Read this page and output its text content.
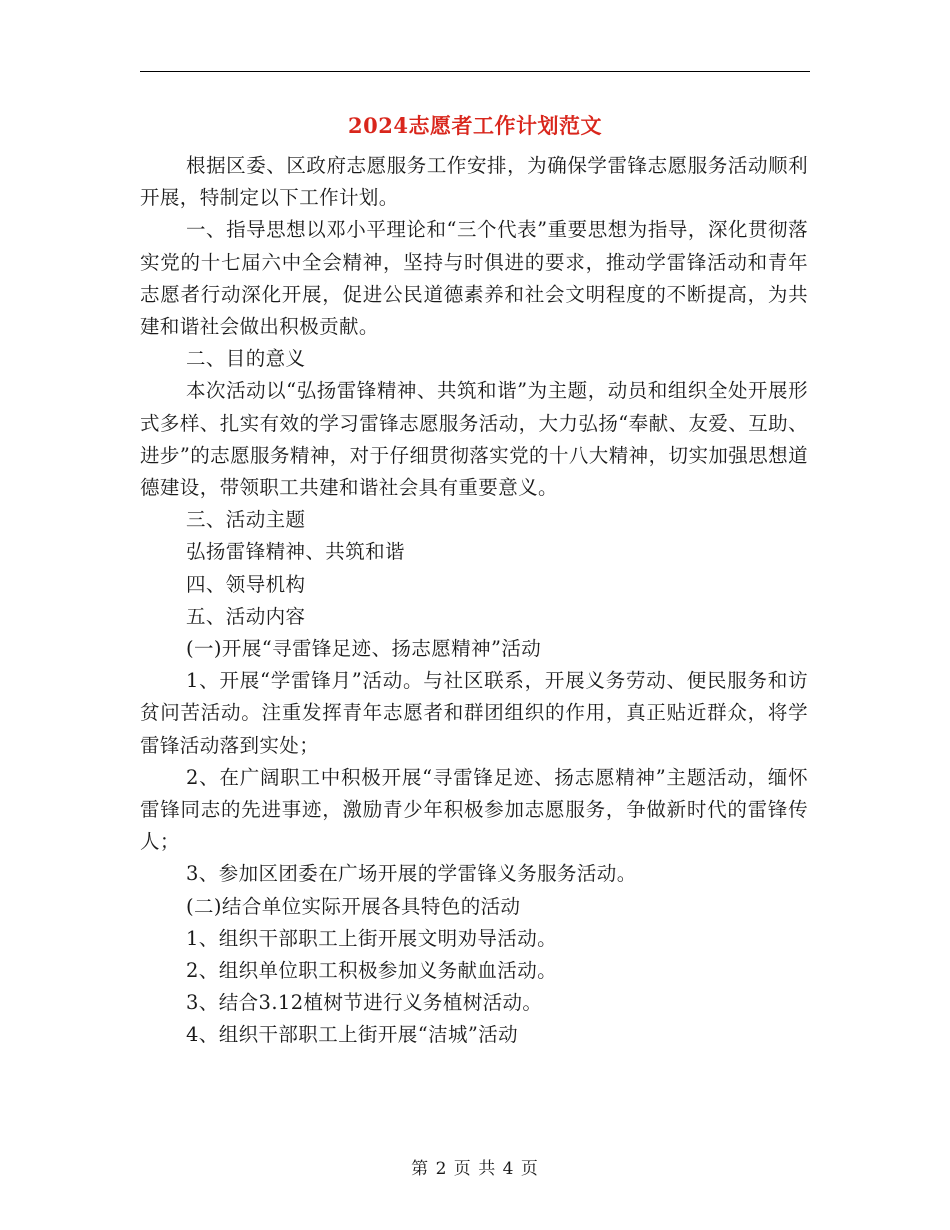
2024志愿者工作计划范文

根据区委、区政府志愿服务工作安排，为确保学雷锋志愿服务活动顺利开展，特制定以下工作计划。

一、指导思想以邓小平理论和“三个代表”重要思想为指导，深化贯彻落实党的十七届六中全会精神，坚持与时俱进的要求，推动学雷锋活动和青年志愿者行动深化开展，促进公民道德素养和社会文明程度的不断提高，为共建和谐社会做出积极贡献。

二、目的意义

本次活动以“弘扬雷锋精神、共筑和谐”为主题，动员和组织全处开展形式多样、扎实有效的学习雷锋志愿服务活动，大力弘扬“奉献、友爱、互助、进步”的志愿服务精神，对于仔细贯彻落实党的十八大精神，切实加强思想道德建设，带领职工共建和谐社会具有重要意义。

三、活动主题

弘扬雷锋精神、共筑和谐

四、领导机构

五、活动内容

(一)开展“寻雷锋足迹、扬志愿精神”活动

1、开展“学雷锋月”活动。与社区联系，开展义务劳动、便民服务和访贫问苦活动。注重发挥青年志愿者和群团组织的作用，真正贴近群众，将学雷锋活动落到实处；

2、在广阔职工中积极开展“寻雷锋足迹、扬志愿精神”主题活动，缅怀雷锋同志的先进事迹，激励青少年积极参加志愿服务，争做新时代的雷锋传人；

3、参加区团委在广场开展的学雷锋义务服务活动。

(二)结合单位实际开展各具特色的活动

1、组织干部职工上街开展文明劝导活动。

2、组织单位职工积极参加义务献血活动。

3、结合3.12植树节进行义务植树活动。

4、组织干部职工上街开展“洁城”活动

第 2 页 共 4 页
